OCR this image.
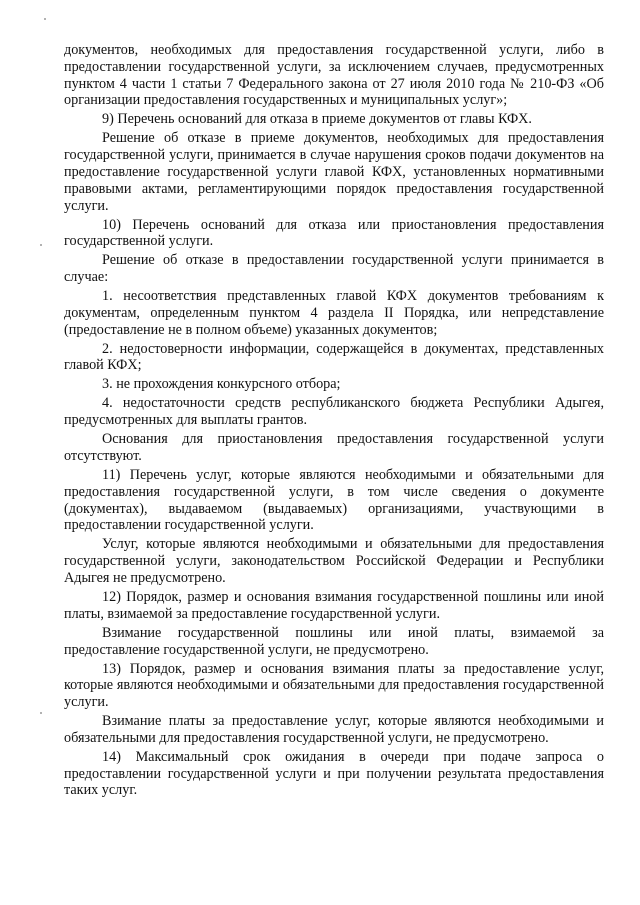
документов, необходимых для предоставления государственной услуги, либо в предоставлении государственной услуги, за исключением случаев, предусмотренных пунктом 4 части 1 статьи 7 Федерального закона от 27 июля 2010 года № 210-ФЗ «Об организации предоставления государственных и муниципальных услуг»;

9) Перечень оснований для отказа в приеме документов от главы КФХ.

Решение об отказе в приеме документов, необходимых для предоставления государственной услуги, принимается в случае нарушения сроков подачи документов на предоставление государственной услуги главой КФХ, установленных нормативными правовыми актами, регламентирующими порядок предоставления государственной услуги.

10) Перечень оснований для отказа или приостановления предоставления государственной услуги.

Решение об отказе в предоставлении государственной услуги принимается в случае:

1. несоответствия представленных главой КФХ документов требованиям к документам, определенным пунктом 4 раздела II Порядка, или непредставление (предоставление не в полном объеме) указанных документов;

2. недостоверности информации, содержащейся в документах, представленных главой КФХ;

3. не прохождения конкурсного отбора;

4. недостаточности средств республиканского бюджета Республики Адыгея, предусмотренных для выплаты грантов.

Основания для приостановления предоставления государственной услуги отсутствуют.

11) Перечень услуг, которые являются необходимыми и обязательными для предоставления государственной услуги, в том числе сведения о документе (документах), выдаваемом (выдаваемых) организациями, участвующими в предоставлении государственной услуги.

Услуг, которые являются необходимыми и обязательными для предоставления государственной услуги, законодательством Российской Федерации и Республики Адыгея не предусмотрено.

12) Порядок, размер и основания взимания государственной пошлины или иной платы, взимаемой за предоставление государственной услуги.

Взимание государственной пошлины или иной платы, взимаемой за предоставление государственной услуги, не предусмотрено.

13) Порядок, размер и основания взимания платы за предоставление услуг, которые являются необходимыми и обязательными для предоставления государственной услуги.

Взимание платы за предоставление услуг, которые являются необходимыми и обязательными для предоставления государственной услуги, не предусмотрено.

14) Максимальный срок ожидания в очереди при подаче запроса о предоставлении государственной услуги и при получении результата предоставления таких услуг.
